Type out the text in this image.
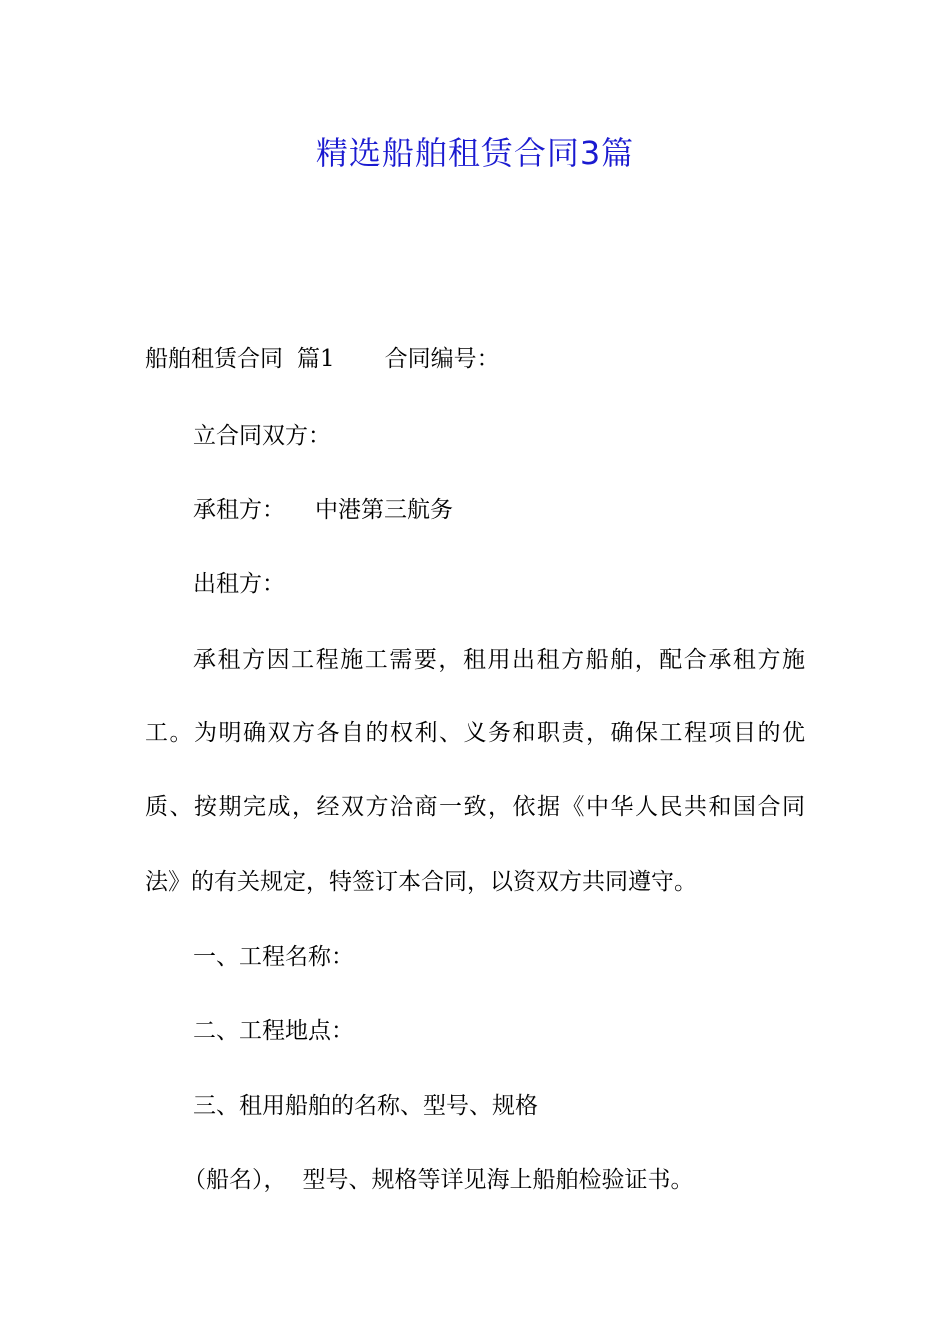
精选船舶租赁合同3篇
船舶租赁合同 篇1 合同编号：
立合同双方：
承租方： 中港第三航务
出租方：
承租方因工程施工需要，租用出租方船舶，配合承租方施
工。为明确双方各自的权利、义务和职责，确保工程项目的优
质、按期完成，经双方洽商一致，依据《中华人民共和国合同
法》的有关规定，特签订本合同，以资双方共同遵守。
一、工程名称：
二、工程地点：
三、租用船舶的名称、型号、规格
（船名）， 型号、规格等详见海上船舶检验证书。
